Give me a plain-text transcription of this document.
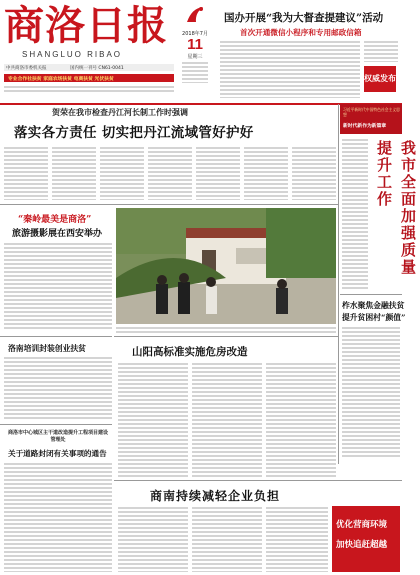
商洛日报
SHANGLUO RIBAO
2018年7月
11
星期三
中共商洛市委机关报	国内统一刊号 CN61-0041
专业合作社扶贫 家庭农场扶贫 电商扶贫 光伏扶贫
国办开展“我为大督查提建议”活动
首次开通微信小程序和专用邮政信箱
权威发布
贺荣在我市检查丹江河长制工作时强调
落实各方责任 切实把丹江流域管好护好
习近平新时代中国特色社会主义思想
新时代新作为新篇章
我市全面加强质量提升工作
柞水聚焦金融扶贫
提升贫困村“颜值”
“秦岭最美是商洛”
旅游摄影展在西安举办
洛南培训封装创业扶贫	山阳高标准实施危房改造
商洛市中心城区主干道改造提升工程项目建设管理处
关于道路封闭有关事项的通告
商南持续减轻企业负担
优化营商环境
加快追赶超越
